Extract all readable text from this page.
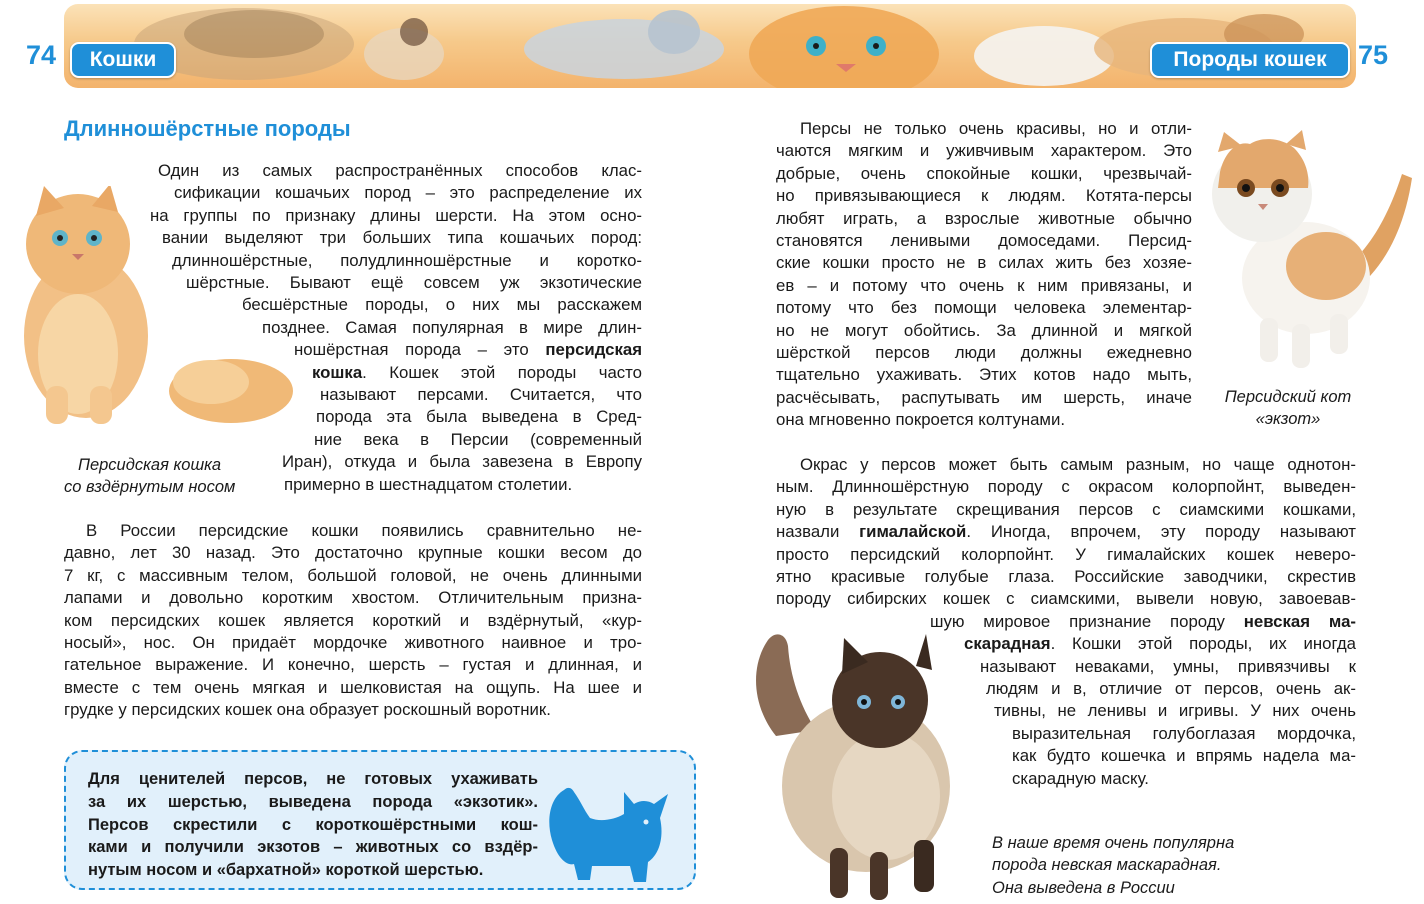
74	75
Кошки	Породы кошек
Длинношёрстные породы
Один из самых распространённых способов клас-
сификации кошачьих пород – это распределение их
на группы по признаку длины шерсти. На этом осно-
вании выделяют три больших типа кошачьих пород:
длинношёрстные, полудлинношёрстные и коротко-
шёрстные. Бывают ещё совсем уж экзотические
бесшёрстные породы, о них мы расскажем
позднее. Самая популярная в мире длин-
ношёрстная порода – это персидская
кошка. Кошек этой породы часто
называют персами. Считается, что
порода эта была выведена в Сред-
ние века в Персии (современный
Иран), откуда и была завезена в Европу
примерно в шестнадцатом столетии.
Персидская кошка
со вздёрнутым носом
В России персидские кошки появились сравнительно не-
давно, лет 30 назад. Это достаточно крупные кошки весом до
7 кг, с массивным телом, большой головой, не очень длинными
лапами и довольно коротким хвостом. Отличительным призна-
ком персидских кошек является короткий и вздёрнутый, «кур-
носый», нос. Он придаёт мордочке животного наивное и тро-
гательное выражение. И конечно, шерсть – густая и длинная, и
вместе с тем очень мягкая и шелковистая на ощупь. На шее и
грудке у персидских кошек она образует роскошный воротник.
Для ценителей персов, не готовых ухаживать
за их шерстью, выведена порода «экзотик».
Персов скрестили с короткошёрстными кош-
ками и получили экзотов – животных со вздёр-
нутым носом и «бархатной» короткой шерстью.
Персы не только очень красивы, но и отли-
чаются мягким и уживчивым характером. Это
добрые, очень спокойные кошки, чрезвычай-
но привязывающиеся к людям. Котята-персы
любят играть, а взрослые животные обычно
становятся ленивыми домоседами. Персид-
ские кошки просто не в силах жить без хозяе-
ев – и потому что очень к ним привязаны, и
потому что без помощи человека элементар-
но не могут обойтись. За длинной и мягкой
шёрсткой персов люди должны ежедневно
тщательно ухаживать. Этих котов надо мыть,
расчёсывать, распутывать им шерсть, иначе
она мгновенно покроется колтунами.
Персидский кот
«экзот»
Окрас у персов может быть самым разным, но чаще однотон-
ным. Длинношёрстную породу с окрасом колорпойнт, выведен-
ную в результате скрещивания персов с сиамскими кошками,
назвали гималайской. Иногда, впрочем, эту породу называют
просто персидский колорпойнт. У гималайских кошек неверо-
ятно красивые голубые глаза. Российские заводчики, скрестив
породу сибирских кошек с сиамскими, вывели новую, завоевав-
шую мировое признание породу невская ма-
скарадная. Кошки этой породы, их иногда
называют неваками, умны, привязчивы к
людям и в, отличие от персов, очень ак-
тивны, не ленивы и игривы. У них очень
выразительная голубоглазая мордочка,
как будто кошечка и впрямь надела ма-
скарадную маску.
В наше время очень популярна
порода невская маскарадная.
Она выведена в России
